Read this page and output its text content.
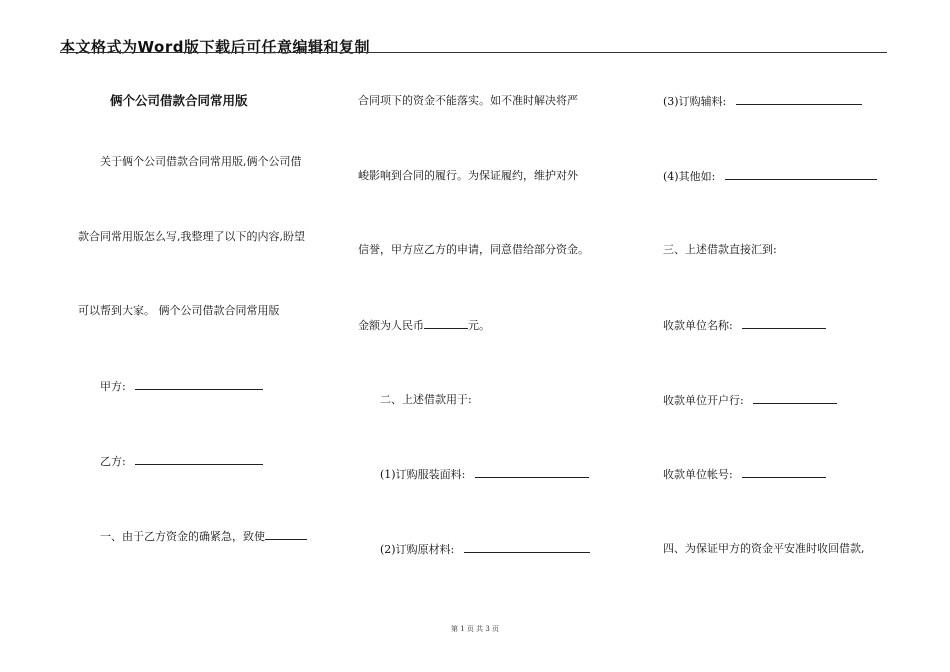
本文格式为Word版下载后可任意编辑和复制
俩个公司借款合同常用版
关于俩个公司借款合同常用版,俩个公司借
款合同常用版怎么写,我整理了以下的内容,盼望
可以帮到大家。 俩个公司借款合同常用版
甲方:
乙方:
一、由于乙方资金的确紧急，致使
合同项下的资金不能落实。如不准时解决将严
峻影响到合同的履行。为保证履约，维护对外
信誉，甲方应乙方的申请，同意借给部分资金。
金额为人民币	元。
二、上述借款用于:
(1)订购服装面料:
(2)订购原材料:
(3)订购辅料:
(4)其他如:
三、上述借款直接汇到:
收款单位名称:
收款单位开户行:
收款单位帐号:
四、为保证甲方的资金平安准时收回借款,
第 1 页 共 3 页
